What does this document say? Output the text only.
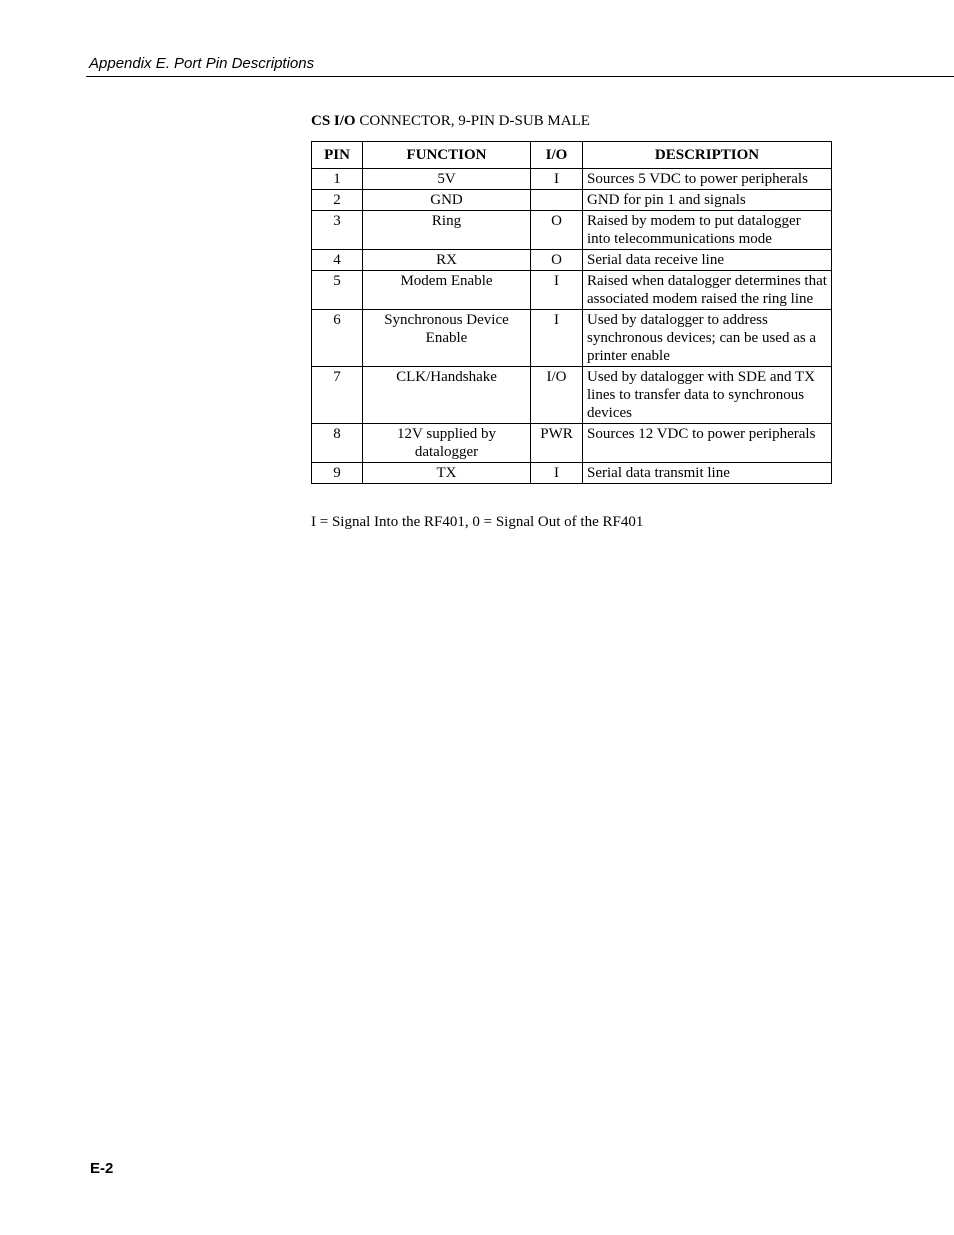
Appendix E. Port Pin Descriptions
CS I/O CONNECTOR, 9-PIN D-SUB MALE
PIN	FUNCTION	I/O	DESCRIPTION
1	5V	I	Sources 5 VDC to power peripherals
2	GND		GND for pin 1 and signals
3	Ring	O	Raised by modem to put datalogger into telecommunications mode
4	RX	O	Serial data receive line
5	Modem Enable	I	Raised when datalogger determines that associated modem raised the ring line
6	Synchronous Device Enable	I	Used by datalogger to address synchronous devices; can be used as a printer enable
7	CLK/Handshake	I/O	Used by datalogger with SDE and TX lines to transfer data to synchronous devices
8	12V supplied by datalogger	PWR	Sources 12 VDC to power peripherals
9	TX	I	Serial data transmit line
I = Signal Into the RF401, 0 = Signal Out of the RF401
E-2
